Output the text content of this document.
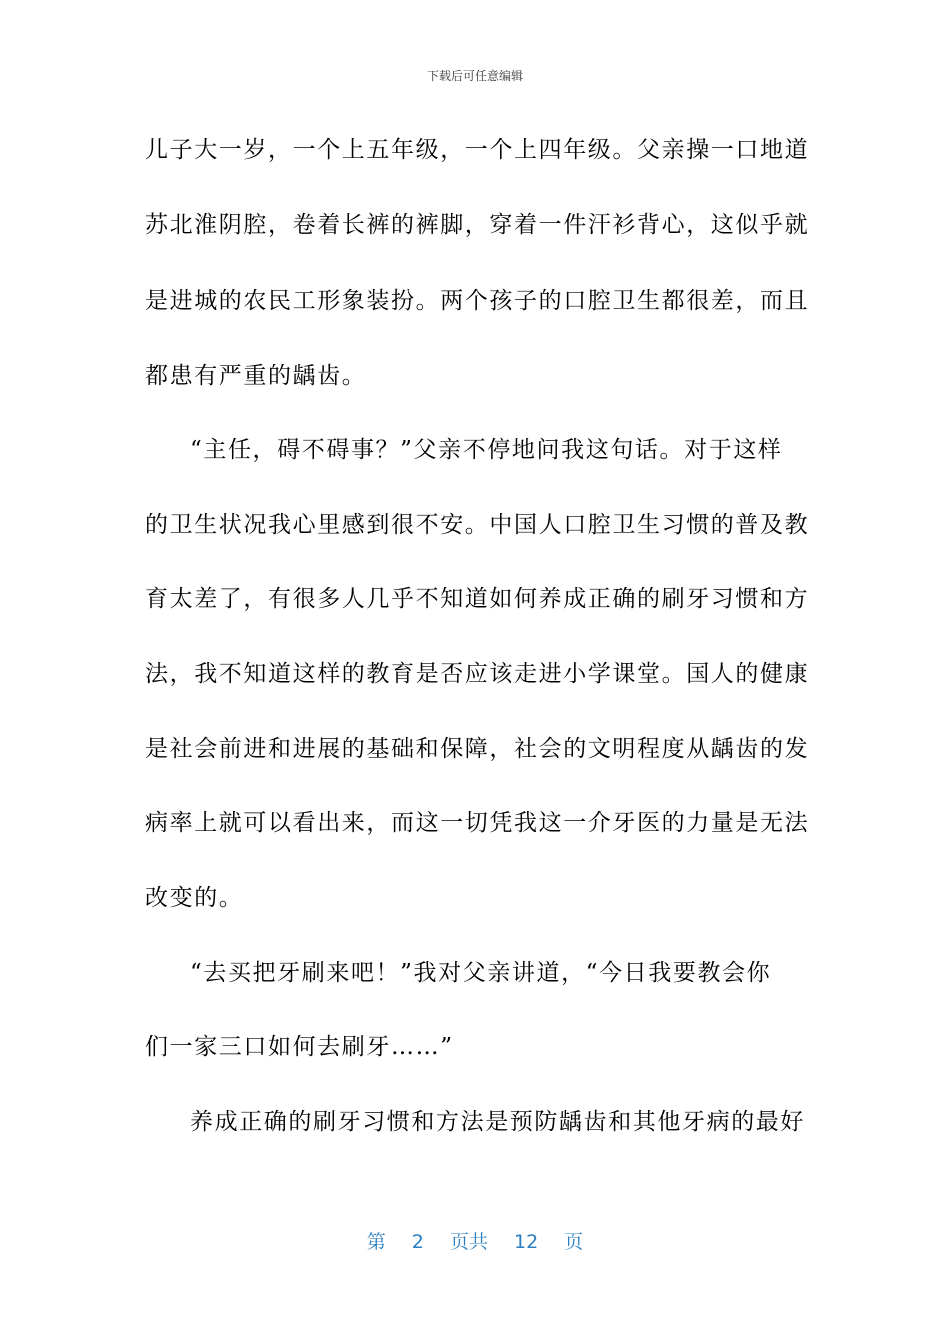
下载后可任意编辑
儿子大一岁，一个上五年级，一个上四年级。父亲操一口地道
苏北淮阴腔，卷着长裤的裤脚，穿着一件汗衫背心，这似乎就
是进城的农民工形象装扮。两个孩子的口腔卫生都很差，而且
都患有严重的龋齿。
“主任，碍不碍事？”父亲不停地问我这句话。对于这样
的卫生状况我心里感到很不安。中国人口腔卫生习惯的普及教
育太差了，有很多人几乎不知道如何养成正确的刷牙习惯和方
法，我不知道这样的教育是否应该走进小学课堂。国人的健康
是社会前进和进展的基础和保障，社会的文明程度从龋齿的发
病率上就可以看出来，而这一切凭我这一介牙医的力量是无法
改变的。
“去买把牙刷来吧！”我对父亲讲道，“今日我要教会你
们一家三口如何去刷牙……”
养成正确的刷牙习惯和方法是预防龋齿和其他牙病的最好
第 2 页共 12 页
